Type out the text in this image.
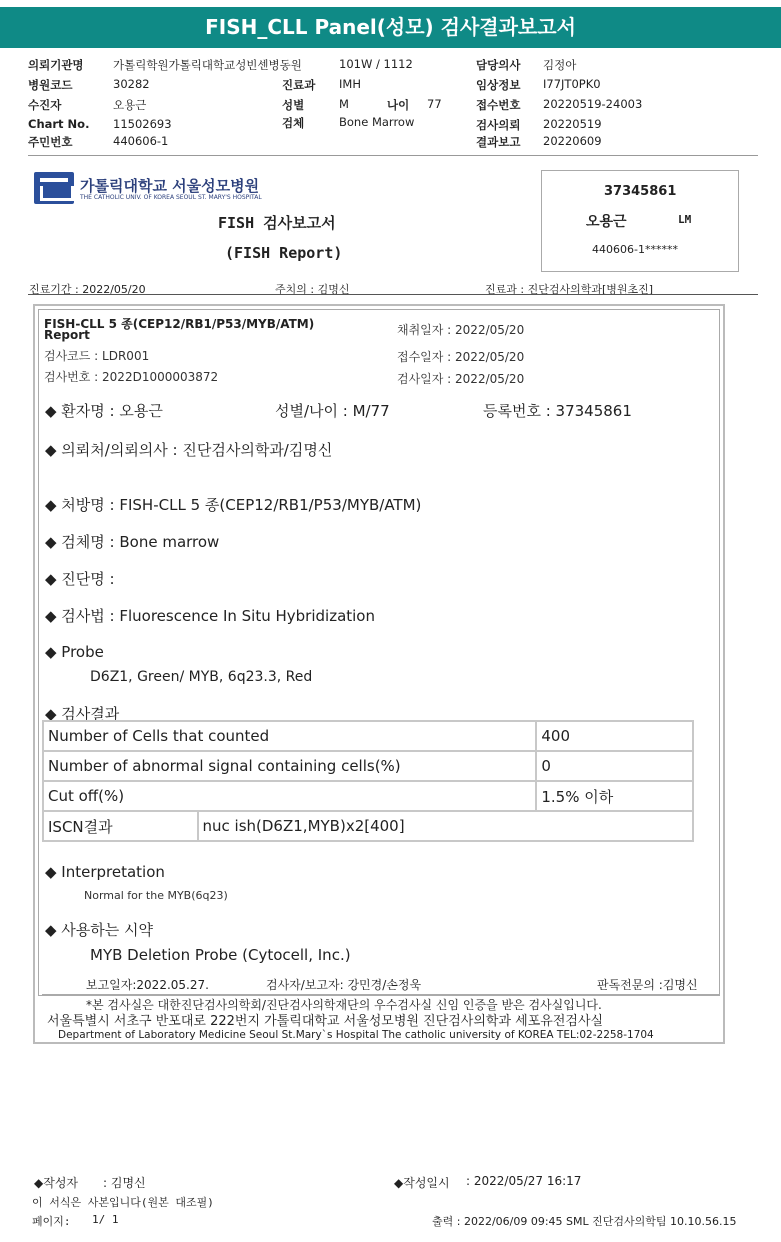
FISH_CLL Panel(성모) 검사결과보고서
의뢰기관명	가톨릭학원가톨릭대학교성빈센병동원
병원코드	30282
수진자	오용근
Chart No. 11502693
주민번호	440606-1
101W / 1112
진료과 IMH
성별	M	나이 77
검체	Bone Marrow
담당의사 김정아
임상정보 I77JT0PK0
접수번호 20220519-24003
검사의뢰 20220519
결과보고 20220609
가톨릭대학교 서울성모병원
THE CATHOLIC UNIV. OF KOREA SEOUL ST. MARY'S HOSPITAL
FISH 검사보고서
(FISH Report)
37345861
오용근	LM
440606-1******
진료기간 : 2022/05/20	주치의 : 김명신	진료과 : 진단검사의학과[병원초진]
FISH-CLL 5 종(CEP12/RB1/P53/MYB/ATM)
Report
검사코드 : LDR001
검사번호 : 2022D1000003872
채취일자 : 2022/05/20
접수일자 : 2022/05/20
검사일자 : 2022/05/20
◆ 환자명 : 오용근	성별/나이 : M/77	등록번호 : 37345861
◆ 의뢰처/의뢰의사 : 진단검사의학과/김명신
◆ 처방명 : FISH-CLL 5 종(CEP12/RB1/P53/MYB/ATM)
◆ 검체명 : Bone marrow
◆ 진단명 :
◆ 검사법 : Fluorescence In Situ Hybridization
◆ Probe
D6Z1, Green/ MYB, 6q23.3, Red
◆ 검사결과
Number of Cells that counted		400
Number of abnormal signal containing cells(%)		0
Cut off(%)		1.5% 이하
ISCN결과	nuc ish(D6Z1,MYB)x2[400]	
◆ Interpretation
Normal for the MYB(6q23)
◆ 사용하는 시약
MYB Deletion Probe (Cytocell, Inc.)
보고일자:2022.05.27.	검사자/보고자: 강민경/손정욱	판독전문의 :김명신
*본 검사실은 대한진단검사의학회/진단검사의학재단의 우수검사실 신임 인증을 받은 검사실입니다.
서울특별시 서초구 반포대로 222번지 가톨릭대학교 서울성모병원 진단검사의학과 세포유전검사실
Department of Laboratory Medicine Seoul St.Mary`s Hospital The catholic university of KOREA TEL:02-2258-1704
◆작성자 : 김명신	◆작성일시 : 2022/05/27 16:17
이 서식은 사본입니다(원본 대조필)
페이지: 1/ 1	출력 : 2022/06/09 09:45 SML 진단검사의학팀 10.10.56.15
